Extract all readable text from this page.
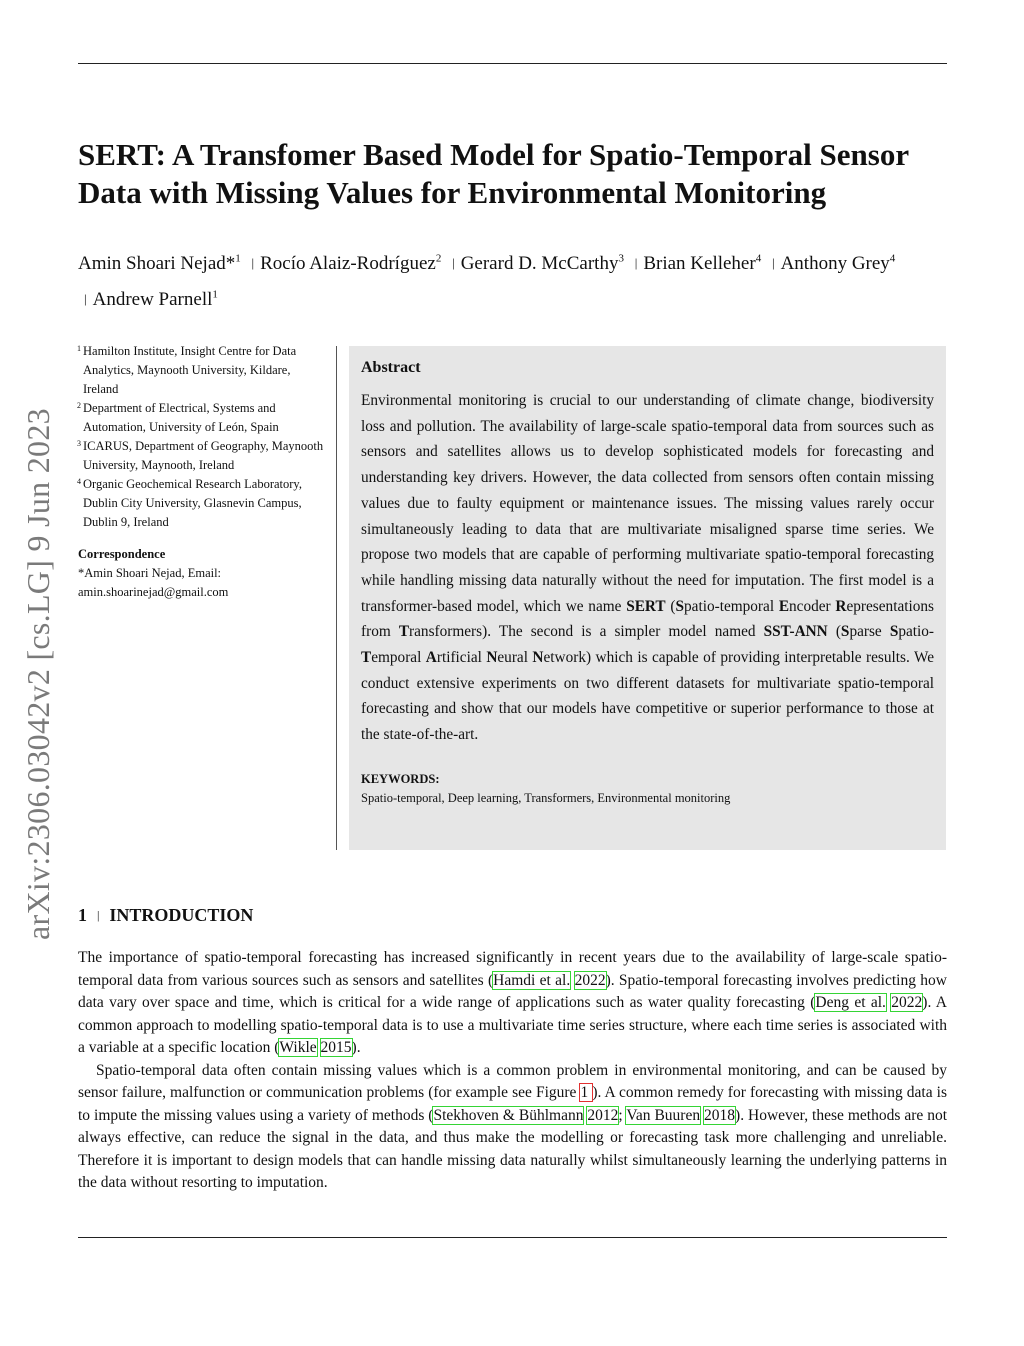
arXiv:2306.03042v2 [cs.LG] 9 Jun 2023
SERT: A Transfomer Based Model for Spatio-Temporal Sensor Data with Missing Values for Environmental Monitoring
Amin Shoari Nejad*$^1$ | Rocío Alaiz-Rodríguez$^2$ | Gerard D. McCarthy$^3$ | Brian Kelleher$^4$ | Anthony Grey$^4$ | Andrew Parnell$^1$
1 Hamilton Institute, Insight Centre for Data Analytics, Maynooth University, Kildare, Ireland
2 Department of Electrical, Systems and Automation, University of León, Spain
3 ICARUS, Department of Geography, Maynooth University, Maynooth, Ireland
4 Organic Geochemical Research Laboratory, Dublin City University, Glasnevin Campus, Dublin 9, Ireland
Correspondence
*Amin Shoari Nejad, Email:
amin.shoarinejad@gmail.com
Abstract
Environmental monitoring is crucial to our understanding of climate change, biodiversity loss and pollution. The availability of large-scale spatio-temporal data from sources such as sensors and satellites allows us to develop sophisticated models for forecasting and understanding key drivers. However, the data collected from sensors often contain missing values due to faulty equipment or maintenance issues. The missing values rarely occur simultaneously leading to data that are multivariate misaligned sparse time series. We propose two models that are capable of performing multivariate spatio-temporal forecasting while handling missing data naturally without the need for imputation. The first model is a transformer-based model, which we name SERT (Spatio-temporal Encoder Representations from Transformers). The second is a simpler model named SST-ANN (Sparse Spatio-Temporal Artificial Neural Network) which is capable of providing interpretable results. We conduct extensive experiments on two different datasets for multivariate spatio-temporal forecasting and show that our models have competitive or superior performance to those at the state-of-the-art.
KEYWORDS:
Spatio-temporal, Deep learning, Transformers, Environmental monitoring
1 | INTRODUCTION

The importance of spatio-temporal forecasting has increased significantly in recent years due to the availability of large-scale spatio-temporal data from various sources such as sensors and satellites (Hamdi et al. 2022). Spatio-temporal forecasting involves predicting how data vary over space and time, which is critical for a wide range of applications such as water quality forecasting (Deng et al. 2022). A common approach to modelling spatio-temporal data is to use a multivariate time series structure, where each time series is associated with a variable at a specific location (Wikle 2015).

Spatio-temporal data often contain missing values which is a common problem in environmental monitoring, and can be caused by sensor failure, malfunction or communication problems (for example see Figure 1 ). A common remedy for forecasting with missing data is to impute the missing values using a variety of methods (Stekhoven & Bühlmann 2012; Van Buuren 2018). However, these methods are not always effective, can reduce the signal in the data, and thus make the modelling or forecasting task more challenging and unreliable. Therefore it is important to design models that can handle missing data naturally whilst simultaneously learning the underlying patterns in the data without resorting to imputation.
